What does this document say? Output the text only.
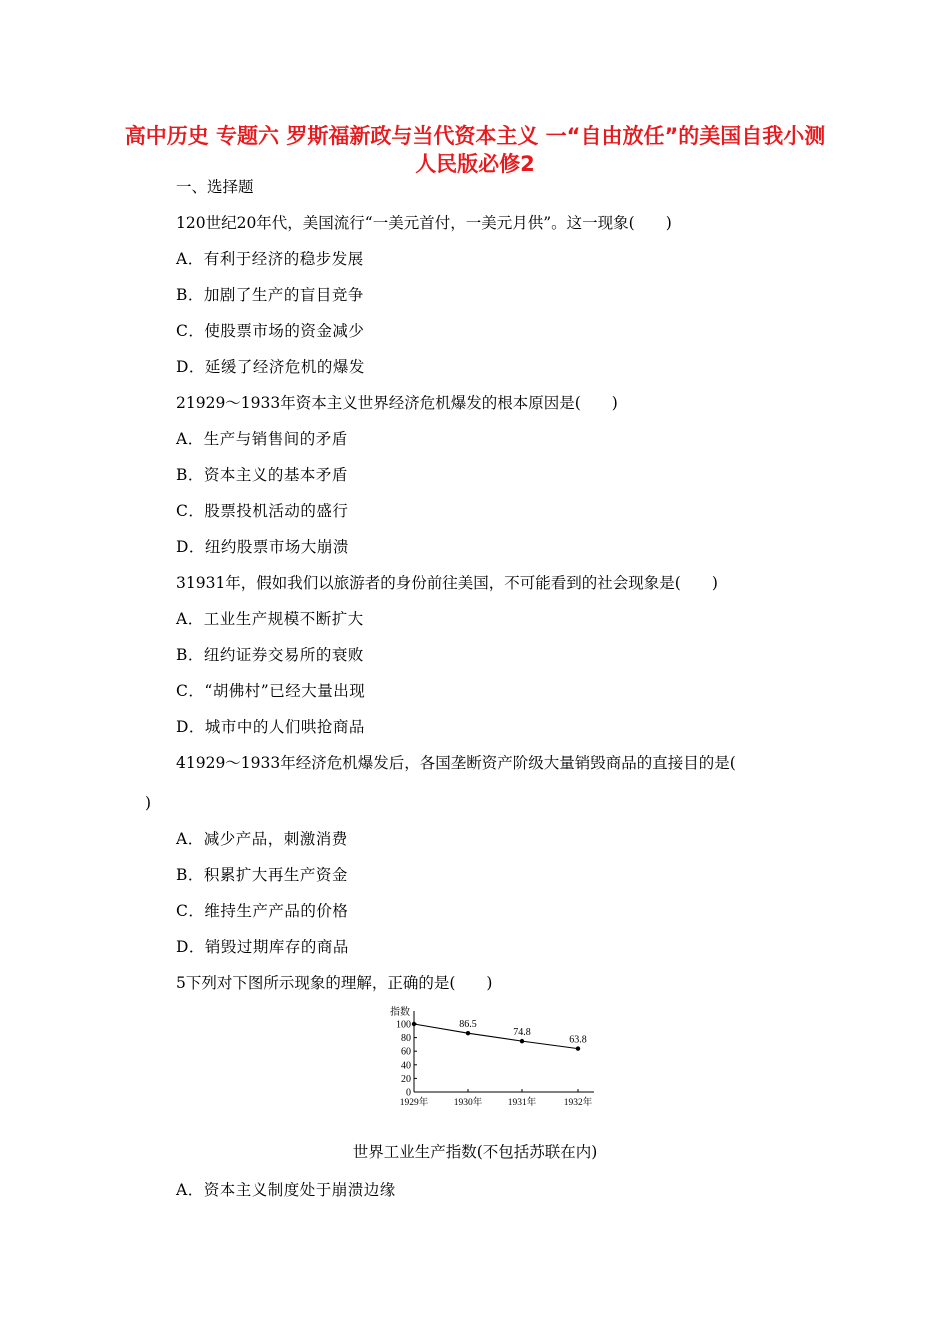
高中历史 专题六 罗斯福新政与当代资本主义 一“自由放任”的美国自我小测 人民版必修2
一、选择题
120世纪20年代，美国流行“一美元首付，一美元月供”。这一现象(　　)
A．有利于经济的稳步发展
B．加剧了生产的盲目竞争
C．使股票市场的资金减少
D．延缓了经济危机的爆发
21929～1933年资本主义世界经济危机爆发的根本原因是(　　)
A．生产与销售间的矛盾
B．资本主义的基本矛盾
C．股票投机活动的盛行
D．纽约股票市场大崩溃
31931年，假如我们以旅游者的身份前往美国，不可能看到的社会现象是(　　)
A．工业生产规模不断扩大
B．纽约证券交易所的衰败
C．“胡佛村”已经大量出现
D．城市中的人们哄抢商品
41929～1933年经济危机爆发后，各国垄断资产阶级大量销毁商品的直接目的是(
)
A．减少产品，刺激消费
B．积累扩大再生产资金
C．维持生产产品的价格
D．销毁过期库存的商品
5下列对下图所示现象的理解，正确的是(　　)
指数
0
20
40
60
80
100
1929年	1930年	1931年	1932年
86.5
74.8
63.8
世界工业生产指数(不包括苏联在内)
A．资本主义制度处于崩溃边缘
